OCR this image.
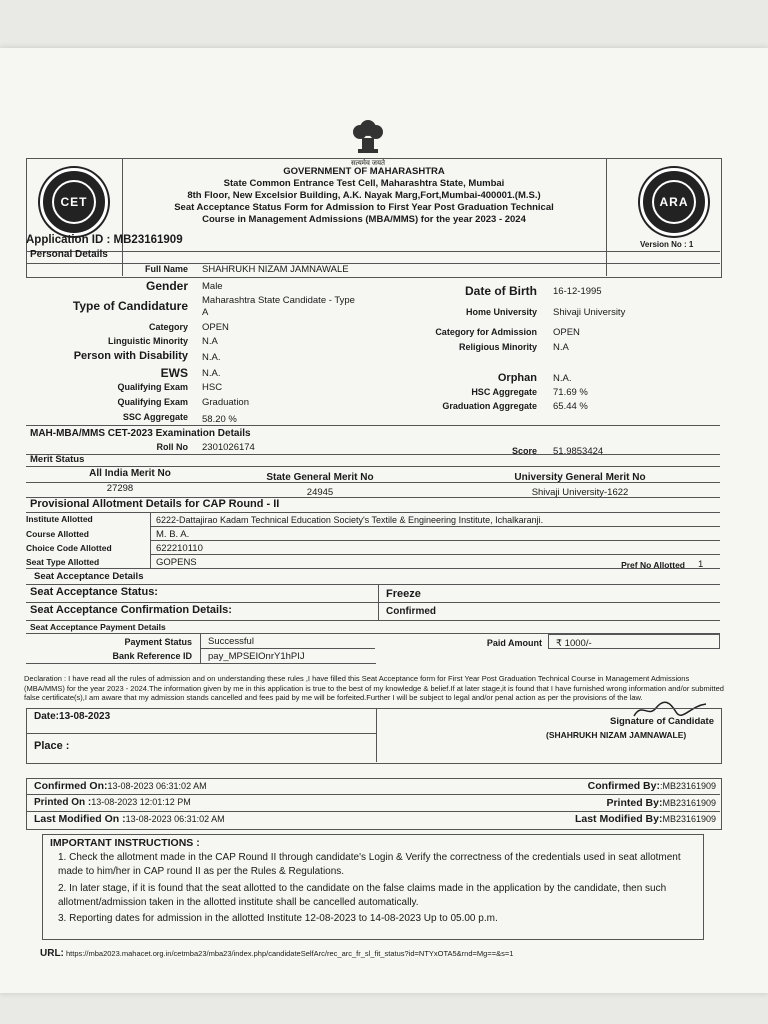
सत्यमेव जयते
CET	ARA
GOVERNMENT OF MAHARASHTRA
State Common Entrance Test Cell, Maharashtra State, Mumbai
8th Floor, New Excelsior Building, A.K. Nayak Marg,Fort,Mumbai-400001.(M.S.)
Seat Acceptance Status Form for Admission to First Year Post Graduation Technical
Course in Management Admissions (MBA/MMS) for the year 2023 - 2024
Application ID : MB23161909	Version No : 1
Personal Details
Full Name SHAHRUKH NIZAM JAMNAWALE
Gender Male	Date of Birth 16-12-1995
Type of Candidature Maharashtra State Candidate - Type A	Home University Shivaji University
Category OPEN	Category for Admission OPEN
Linguistic Minority N.A	Religious Minority N.A
Person with Disability N.A.
EWS N.A.	Orphan N.A.
Qualifying Exam HSC	HSC Aggregate 71.69 %
Qualifying Exam Graduation	Graduation Aggregate 65.44 %
SSC Aggregate 58.20 %
MAH-MBA/MMS CET-2023 Examination Details
Roll No 2301026174	Score 51.9853424
Merit Status
All India Merit No	State General Merit No	University General Merit No
27298	24945	Shivaji University-1622
Provisional Allotment Details for CAP Round - II
Institute Allotted	6222-Dattajirao Kadam Technical Education Society's Textile & Engineering Institute, Ichalkaranji.
Course Allotted	M. B. A.
Choice Code Allotted	622210110
Seat Type Allotted	GOPENS	Pref No Allotted 1
Seat Acceptance Details
Seat Acceptance Status:	Freeze
Seat Acceptance Confirmation Details:	Confirmed
Seat Acceptance Payment Details
Payment Status Successful	Paid Amount ₹ 1000/-
Bank Reference ID pay_MPSEIOnrY1hPIJ
Declaration : I have read all the rules of admission and on understanding these rules ,I have filled this Seat Acceptance form for First Year Post Graduation Technical Course in Management Admissions (MBA/MMS) for the year 2023 - 2024.The information given by me in this application is true to the best of my knowledge & belief.If at later stage,it is found that I have furnished wrong information and/or submitted false certificate(s),I am aware that my admission stands cancelled and fees paid by me will be forfeited.Further I will be subject to legal and/or penal action as per the provisions of the law.
Date:13-08-2023
Place :
Signature of Candidate
(SHAHRUKH NIZAM JAMNAWALE)
Confirmed On:13-08-2023 06:31:02 AM	Confirmed By::MB23161909
Printed On :13-08-2023 12:01:12 PM	Printed By:MB23161909
Last Modified On :13-08-2023 06:31:02 AM	Last Modified By:MB23161909
IMPORTANT INSTRUCTIONS :
1. Check the allotment made in the CAP Round II through candidate's Login & Verify the correctness of the credentials used in seat allotment made to him/her in CAP round II as per the Rules & Regulations.
2. In later stage, if it is found that the seat allotted to the candidate on the false claims made in the application by the candidate, then such allotment/admission taken in the allotted institute shall be cancelled automatically.
3. Reporting dates for admission in the allotted Institute 12-08-2023 to 14-08-2023 Up to 05.00 p.m.
URL: https://mba2023.mahacet.org.in/cetmba23/mba23/index.php/candidateSelfArc/rec_arc_fr_sl_fit_status?id=NTYxOTA5&rnd=Mg==&s=1
